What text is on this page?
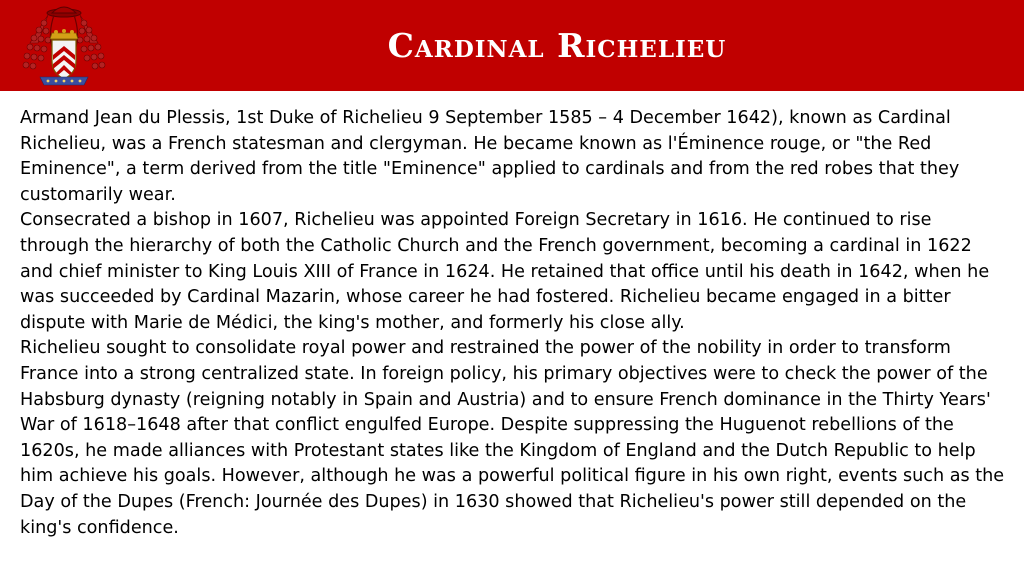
Cardinal Richelieu

Armand Jean du Plessis, 1st Duke of Richelieu 9 September 1585 – 4 December 1642), known as Cardinal Richelieu, was a French statesman and clergyman. He became known as l'Éminence rouge, or "the Red Eminence", a term derived from the title "Eminence" applied to cardinals and from the red robes that they customarily wear.

Consecrated a bishop in 1607, Richelieu was appointed Foreign Secretary in 1616. He continued to rise through the hierarchy of both the Catholic Church and the French government, becoming a cardinal in 1622 and chief minister to King Louis XIII of France in 1624. He retained that office until his death in 1642, when he was succeeded by Cardinal Mazarin, whose career he had fostered. Richelieu became engaged in a bitter dispute with Marie de Médici, the king's mother, and formerly his close ally.

Richelieu sought to consolidate royal power and restrained the power of the nobility in order to transform France into a strong centralized state. In foreign policy, his primary objectives were to check the power of the Habsburg dynasty (reigning notably in Spain and Austria) and to ensure French dominance in the Thirty Years' War of 1618–1648 after that conflict engulfed Europe. Despite suppressing the Huguenot rebellions of the 1620s, he made alliances with Protestant states like the Kingdom of England and the Dutch Republic to help him achieve his goals. However, although he was a powerful political figure in his own right, events such as the Day of the Dupes (French: Journée des Dupes) in 1630 showed that Richelieu's power still depended on the king's confidence.
